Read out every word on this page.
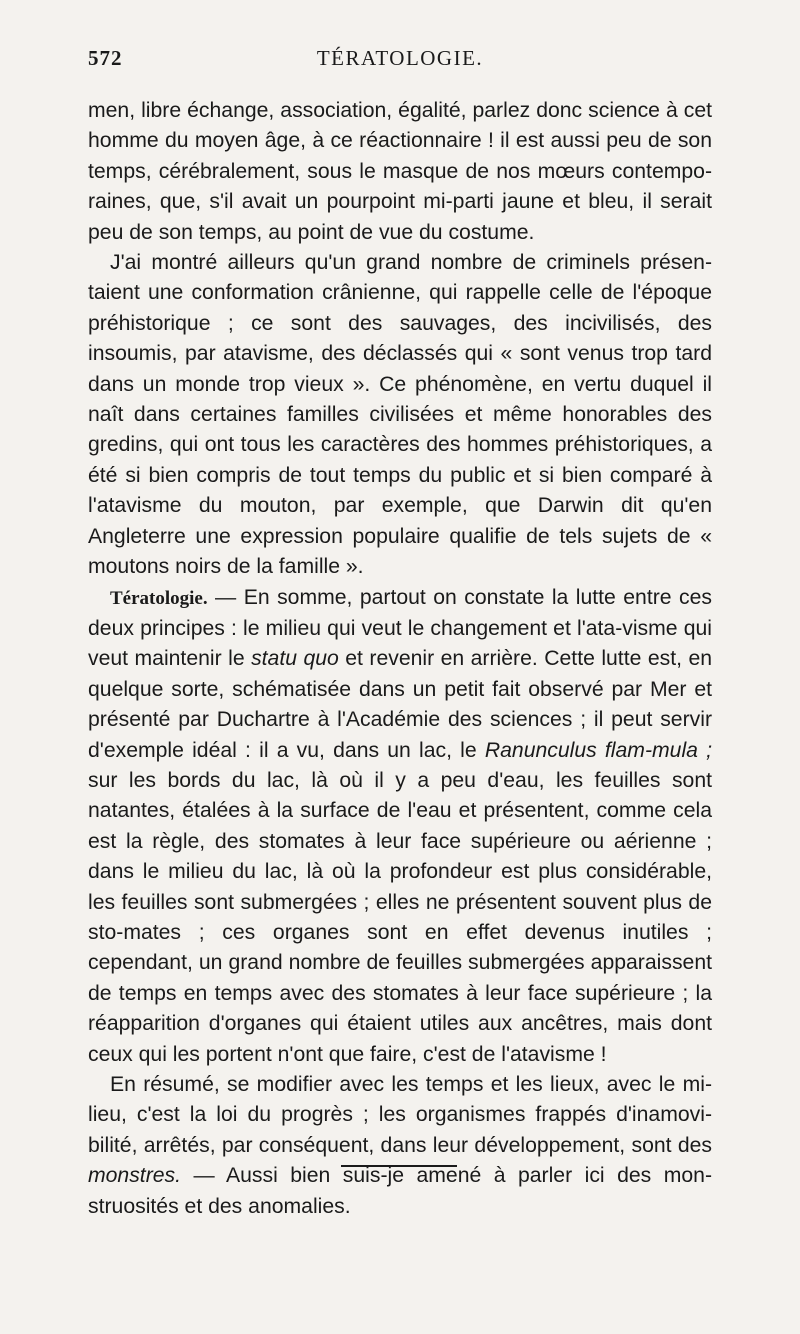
572	TÉRATOLOGIE.

men, libre échange, association, égalité, parlez donc science à cet homme du moyen âge, à ce réactionnaire ! il est aussi peu de son temps, cérébralement, sous le masque de nos mœurs contempo-raines, que, s'il avait un pourpoint mi-parti jaune et bleu, il serait peu de son temps, au point de vue du costume.

J'ai montré ailleurs qu'un grand nombre de criminels présen-taient une conformation crânienne, qui rappelle celle de l'époque préhistorique ; ce sont des sauvages, des incivilisés, des insoumis, par atavisme, des déclassés qui « sont venus trop tard dans un monde trop vieux ». Ce phénomène, en vertu duquel il naît dans certaines familles civilisées et même honorables des gredins, qui ont tous les caractères des hommes préhistoriques, a été si bien compris de tout temps du public et si bien comparé à l'atavisme du mouton, par exemple, que Darwin dit qu'en Angleterre une expression populaire qualifie de tels sujets de « moutons noirs de la famille ».

Tératologie. — En somme, partout on constate la lutte entre ces deux principes : le milieu qui veut le changement et l'ata-visme qui veut maintenir le statu quo et revenir en arrière. Cette lutte est, en quelque sorte, schématisée dans un petit fait observé par Mer et présenté par Duchartre à l'Académie des sciences ; il peut servir d'exemple idéal : il a vu, dans un lac, le Ranunculus flam-mula ; sur les bords du lac, là où il y a peu d'eau, les feuilles sont natantes, étalées à la surface de l'eau et présentent, comme cela est la règle, des stomates à leur face supérieure ou aérienne ; dans le milieu du lac, là où la profondeur est plus considérable, les feuilles sont submergées ; elles ne présentent souvent plus de sto-mates ; ces organes sont en effet devenus inutiles ; cependant, un grand nombre de feuilles submergées apparaissent de temps en temps avec des stomates à leur face supérieure ; la réapparition d'organes qui étaient utiles aux ancêtres, mais dont ceux qui les portent n'ont que faire, c'est de l'atavisme !

En résumé, se modifier avec les temps et les lieux, avec le mi-lieu, c'est la loi du progrès ; les organismes frappés d'inamovi-bilité, arrêtés, par conséquent, dans leur développement, sont des monstres. — Aussi bien suis-je amené à parler ici des mon-struosités et des anomalies.
